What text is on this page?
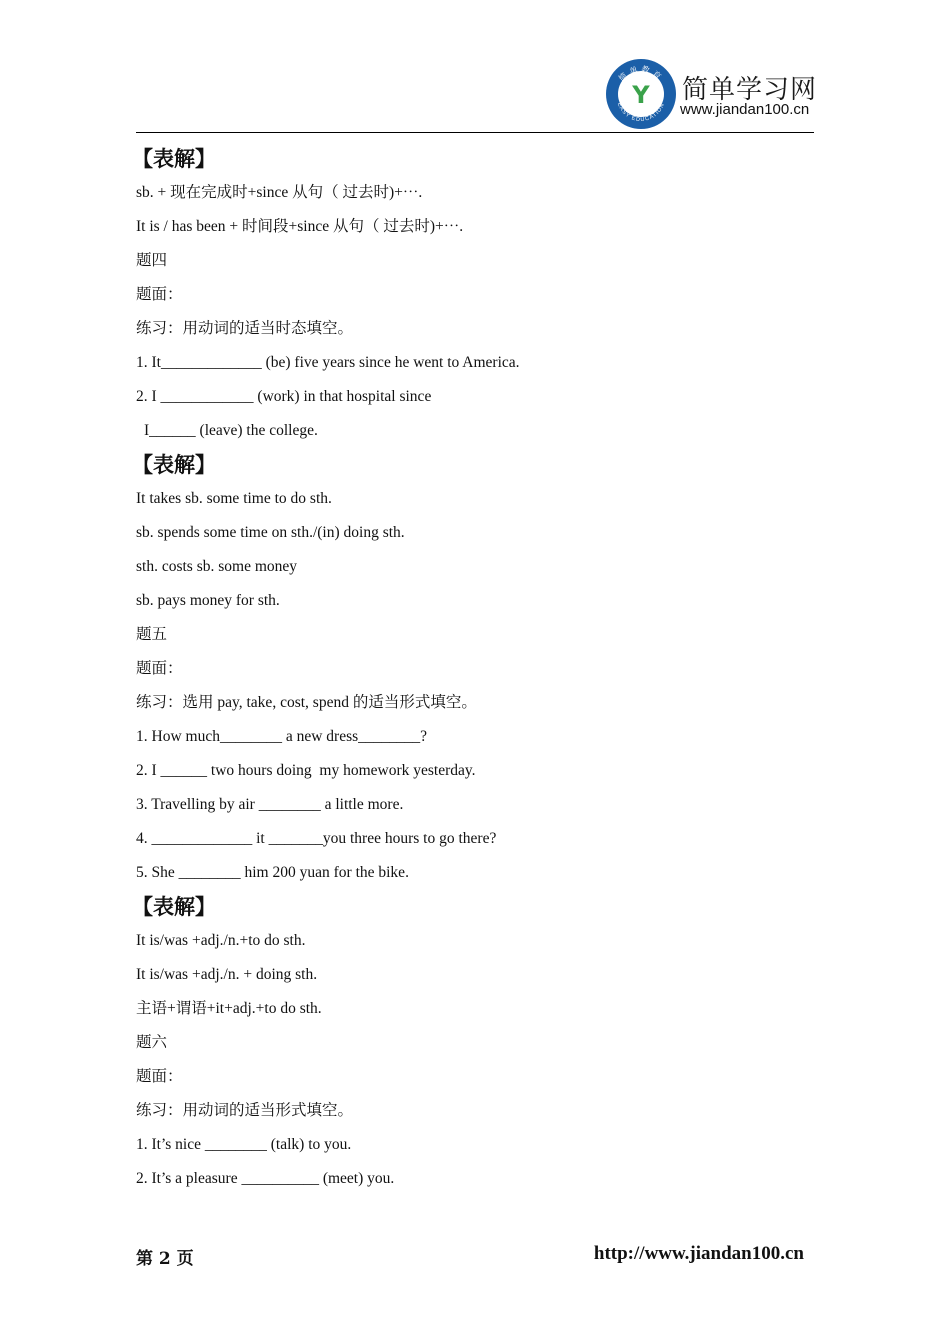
简单教育
EASY EDUCATION
Y 简单学习网
www.jiandan100.cn
【表解】
sb. + 现在完成时+since 从句（ 过去时)+⋯.
It is / has been + 时间段+since 从句（ 过去时)+⋯.
题四
题面：
练习：用动词的适当时态填空。
1. It_____________ (be) five years since he went to America.
2. I ____________ (work) in that hospital since
I______ (leave) the college.
【表解】
It takes sb. some time to do sth.
sb. spends some time on sth./(in) doing sth.
sth. costs sb. some money
sb. pays money for sth.
题五
题面：
练习：选用 pay, take, cost, spend 的适当形式填空。
1. How much________ a new dress________?
2. I ______ two hours doing  my homework yesterday.
3. Travelling by air ________ a little more.
4. _____________ it _______you three hours to go there?
5. She ________ him 200 yuan for the bike.
【表解】
It is/was +adj./n.+to do sth.
It is/was +adj./n. + doing sth.
主语+谓语+it+adj.+to do sth.
题六
题面：
练习：用动词的适当形式填空。
1. It’s nice ________ (talk) to you.
2. It’s a pleasure __________ (meet) you.
第 2 页	http://www.jiandan100.cn
